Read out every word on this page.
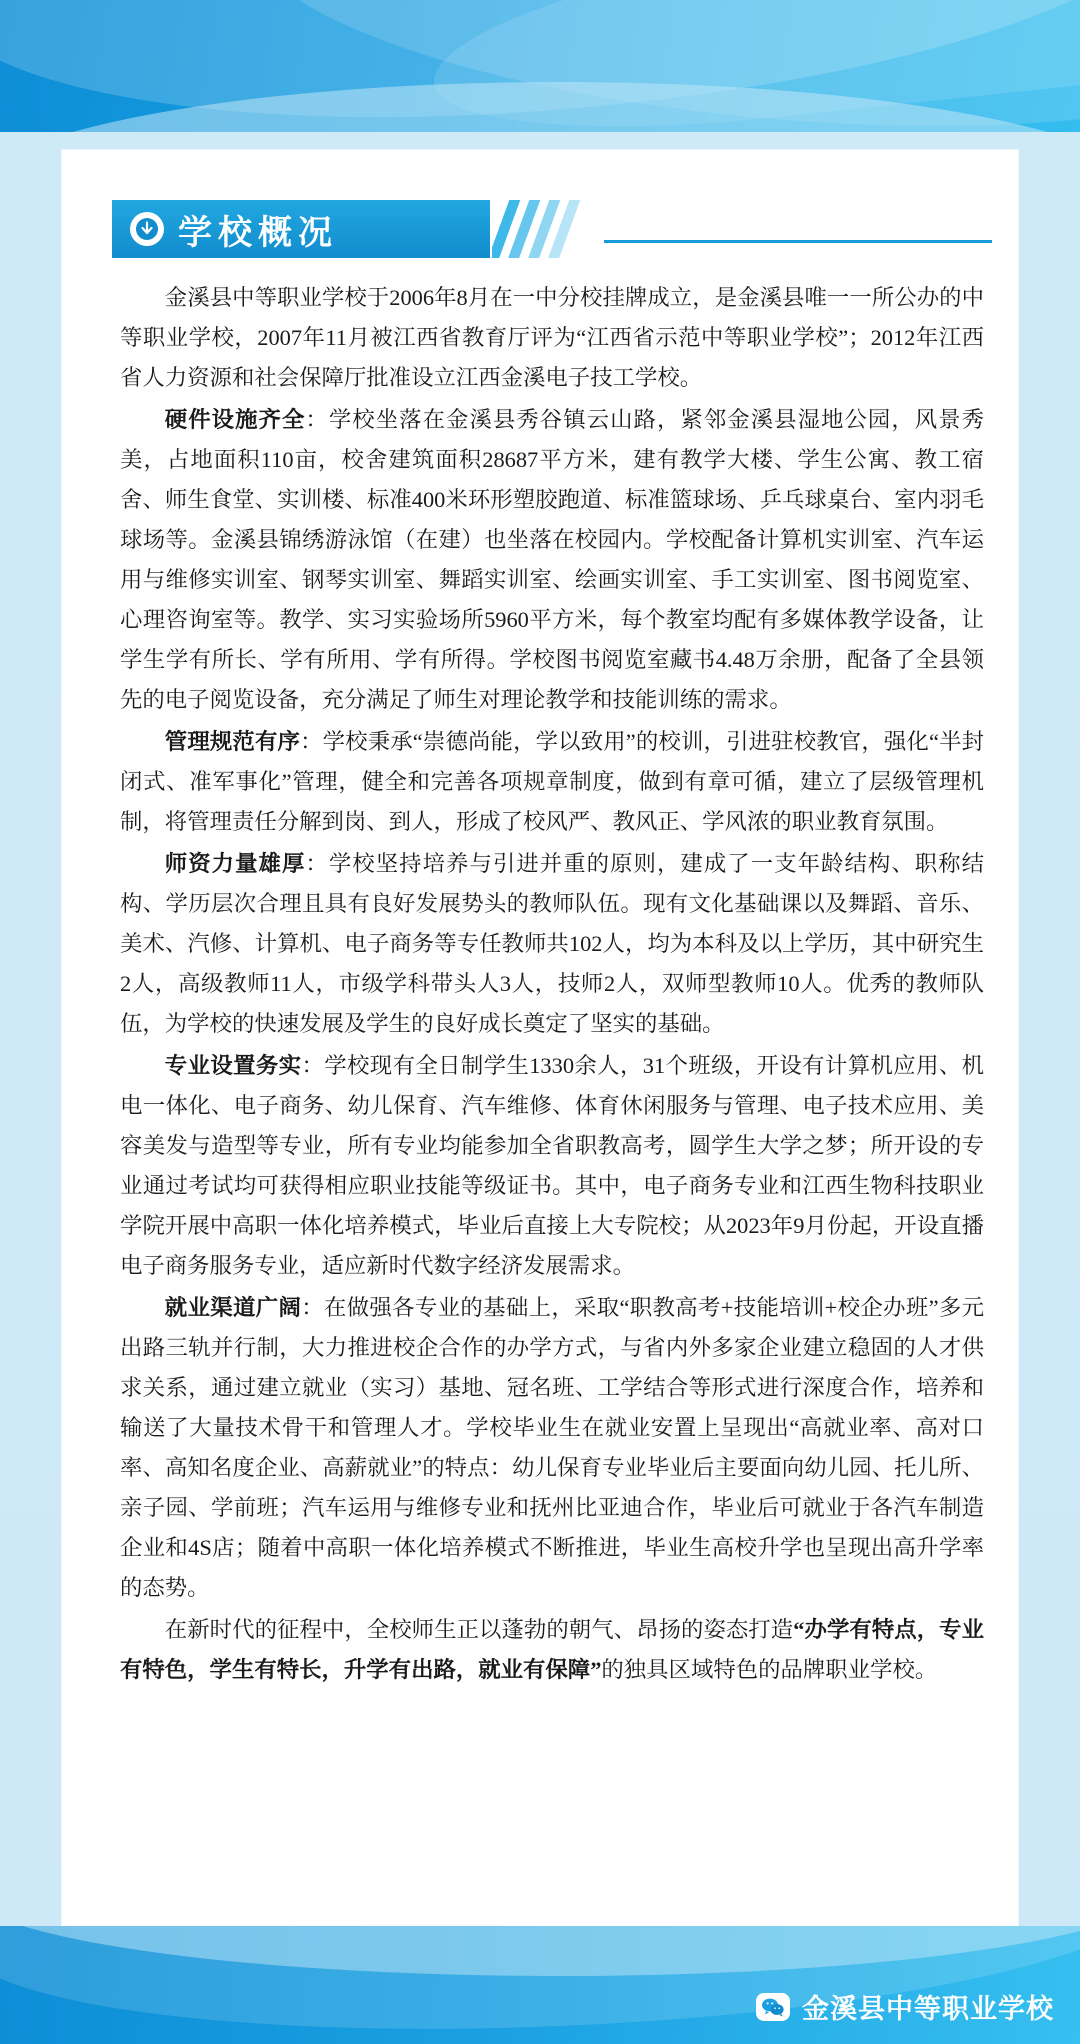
学校概况

金溪县中等职业学校于2006年8月在一中分校挂牌成立，是金溪县唯一一所公办的中等职业学校，2007年11月被江西省教育厅评为“江西省示范中等职业学校”；2012年江西省人力资源和社会保障厅批准设立江西金溪电子技工学校。

硬件设施齐全：学校坐落在金溪县秀谷镇云山路，紧邻金溪县湿地公园，风景秀美，占地面积110亩，校舍建筑面积28687平方米，建有教学大楼、学生公寓、教工宿舍、师生食堂、实训楼、标准400米环形塑胶跑道、标准篮球场、乒乓球桌台、室内羽毛球场等。金溪县锦绣游泳馆（在建）也坐落在校园内。学校配备计算机实训室、汽车运用与维修实训室、钢琴实训室、舞蹈实训室、绘画实训室、手工实训室、图书阅览室、心理咨询室等。教学、实习实验场所5960平方米，每个教室均配有多媒体教学设备，让学生学有所长、学有所用、学有所得。学校图书阅览室藏书4.48万余册，配备了全县领先的电子阅览设备，充分满足了师生对理论教学和技能训练的需求。

管理规范有序：学校秉承“崇德尚能，学以致用”的校训，引进驻校教官，强化“半封闭式、准军事化”管理，健全和完善各项规章制度，做到有章可循，建立了层级管理机制，将管理责任分解到岗、到人，形成了校风严、教风正、学风浓的职业教育氛围。

师资力量雄厚：学校坚持培养与引进并重的原则，建成了一支年龄结构、职称结构、学历层次合理且具有良好发展势头的教师队伍。现有文化基础课以及舞蹈、音乐、美术、汽修、计算机、电子商务等专任教师共102人，均为本科及以上学历，其中研究生2人，高级教师11人，市级学科带头人3人，技师2人，双师型教师10人。优秀的教师队伍，为学校的快速发展及学生的良好成长奠定了坚实的基础。

专业设置务实：学校现有全日制学生1330余人，31个班级，开设有计算机应用、机电一体化、电子商务、幼儿保育、汽车维修、体育休闲服务与管理、电子技术应用、美容美发与造型等专业，所有专业均能参加全省职教高考，圆学生大学之梦；所开设的专业通过考试均可获得相应职业技能等级证书。其中，电子商务专业和江西生物科技职业学院开展中高职一体化培养模式，毕业后直接上大专院校；从2023年9月份起，开设直播电子商务服务专业，适应新时代数字经济发展需求。

就业渠道广阔：在做强各专业的基础上，采取“职教高考+技能培训+校企办班”多元出路三轨并行制，大力推进校企合作的办学方式，与省内外多家企业建立稳固的人才供求关系，通过建立就业（实习）基地、冠名班、工学结合等形式进行深度合作，培养和输送了大量技术骨干和管理人才。学校毕业生在就业安置上呈现出“高就业率、高对口率、高知名度企业、高薪就业”的特点：幼儿保育专业毕业后主要面向幼儿园、托儿所、亲子园、学前班；汽车运用与维修专业和抚州比亚迪合作，毕业后可就业于各汽车制造企业和4S店；随着中高职一体化培养模式不断推进，毕业生高校升学也呈现出高升学率的态势。

在新时代的征程中，全校师生正以蓬勃的朝气、昂扬的姿态打造“办学有特点，专业有特色，学生有特长，升学有出路，就业有保障”的独具区域特色的品牌职业学校。

金溪县中等职业学校
